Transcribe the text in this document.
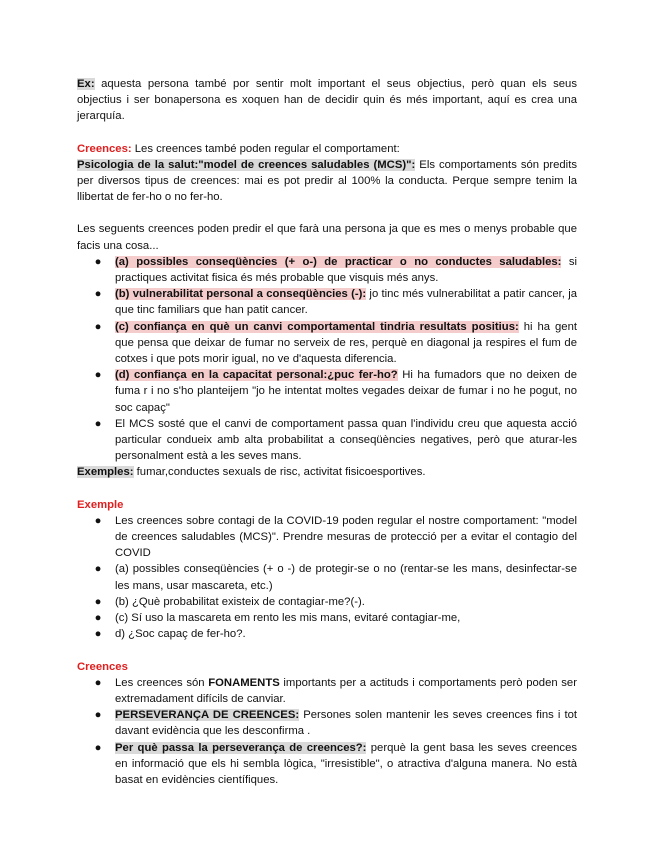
Ex: aquesta persona també por sentir molt important el seus objectius, però quan els seus objectius i ser bonapersona es xoquen han de decidir quin és més important, aquí es crea una jerarquía.

Creences: Les creences també poden regular el comportament:

Psicologia de la salut:"model de creences saludables (MCS)": Els comportaments són predits per diversos tipus de creences: mai es pot predir al 100% la conducta. Perque sempre tenim la llibertat de fer-ho o no fer-ho.

Les seguents creences poden predir el que farà una persona ja que es mes o menys probable que facis una cosa...

● (a) possibles conseqüències (+ o-) de practicar o no conductes saludables: si practiques activitat fisica és més probable que visquis més anys.
● (b) vulnerabilitat personal a conseqüències (-): jo tinc més vulnerabilitat a patir cancer, ja que tinc familiars que han patit cancer.
● (c) confiança en què un canvi comportamental tindria resultats positius: hi ha gent que pensa que deixar de fumar no serveix de res, perquè en diagonal ja respires el fum de cotxes i que pots morir igual, no ve d'aquesta diferencia.
● (d) confiança en la capacitat personal:¿puc fer-ho? Hi ha fumadors que no deixen de fuma r i no s'ho planteijem "jo he intentat moltes vegades deixar de fumar i no he pogut, no soc capaç"
● El MCS sosté que el canvi de comportament passa quan l'individu creu que aquesta acció particular condueix amb alta probabilitat a conseqüències negatives, però que aturar-les personalment està a les seves mans.

Exemples: fumar,conductes sexuals de risc, activitat fisicoesportives.

Exemple

● Les creences sobre contagi de la COVID-19 poden regular el nostre comportament: "model de creences saludables (MCS)". Prendre mesuras de protecció per a evitar el contagio del COVID
● (a) possibles conseqüències (+ o -) de protegir-se o no (rentar-se les mans, desinfectar-se les mans, usar mascareta, etc.)
● (b) ¿Què probabilitat existeix de contagiar-me?(-).
● (c) Sí uso la mascareta em rento les mis mans, evitaré contagiar-me,
● d) ¿Soc capaç de fer-ho?.

Creences

● Les creences són FONAMENTS importants per a actituds i comportaments però poden ser extremadament difícils de canviar.
● PERSEVERANÇA DE CREENCES: Persones solen mantenir les seves creences fins i tot davant evidència que les desconfirma .
● Per què passa la perseverança de creences?: perquè la gent basa les seves creences en informació que els hi sembla lògica, "irresistible", o atractiva d'alguna manera. No està basat en evidències científiques.
